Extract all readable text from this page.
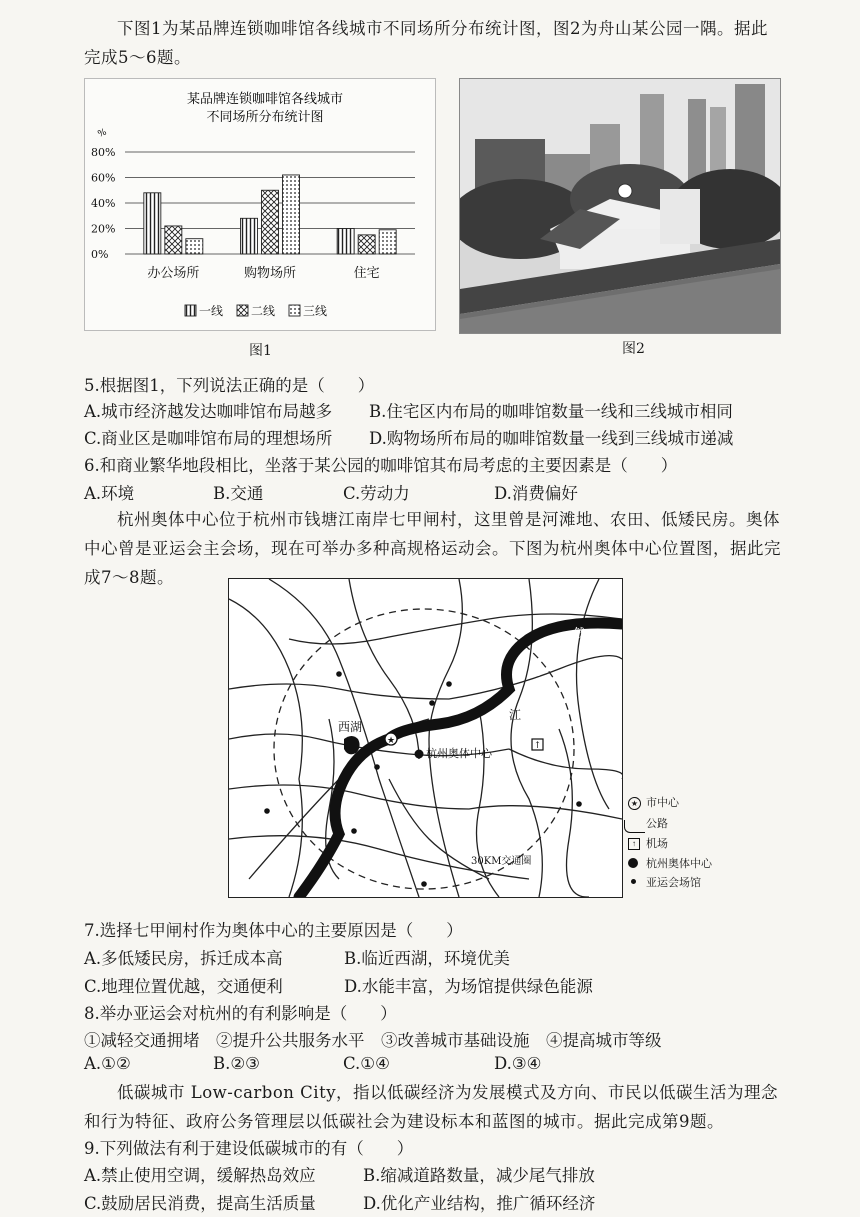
下图1为某品牌连锁咖啡馆各线城市不同场所分布统计图，图2为舟山某公园一隅。据此完成5～6题。
某品牌连锁咖啡馆各线城市
不同场所分布统计图
%
80%
60%
40%
20%
0%
办公场所	购物场所	住宅
一线 二线 三线
图1	图2
5.根据图1，下列说法正确的是（　　）
A.城市经济越发达咖啡馆布局越多 B.住宅区内布局的咖啡馆数量一线和三线城市相同
C.商业区是咖啡馆布局的理想场所 D.购物场所布局的咖啡馆数量一线到三线城市递减
6.和商业繁华地段相比，坐落于某公园的咖啡馆其布局考虑的主要因素是（　　）
A.环境	B.交通	C.劳动力	D.消费偏好
杭州奥体中心位于杭州市钱塘江南岸七甲闸村，这里曾是河滩地、农田、低矮民房。奥体中心曾是亚运会主会场，现在可举办多种高规格运动会。下图为杭州奥体中心位置图，据此完成7～8题。
钱
塘
江
西湖
★
杭州奥体中心
↑
30KM交通圈
★ 市中心
公路
↑ 机场
杭州奥体中心
亚运会场馆
7.选择七甲闸村作为奥体中心的主要原因是（　　）
A.多低矮民房，拆迁成本高	B.临近西湖，环境优美
C.地理位置优越，交通便利	D.水能丰富，为场馆提供绿色能源
8.举办亚运会对杭州的有利影响是（　　）
①减轻交通拥堵　②提升公共服务水平　③改善城市基础设施　④提高城市等级
A.①②	B.②③	C.①④	D.③④
低碳城市 Low-carbon City，指以低碳经济为发展模式及方向、市民以低碳生活为理念和行为特征、政府公务管理层以低碳社会为建设标本和蓝图的城市。据此完成第9题。
9.下列做法有利于建设低碳城市的有（　　）
A.禁止使用空调，缓解热岛效应	B.缩减道路数量，减少尾气排放
C.鼓励居民消费，提高生活质量	D.优化产业结构，推广循环经济
